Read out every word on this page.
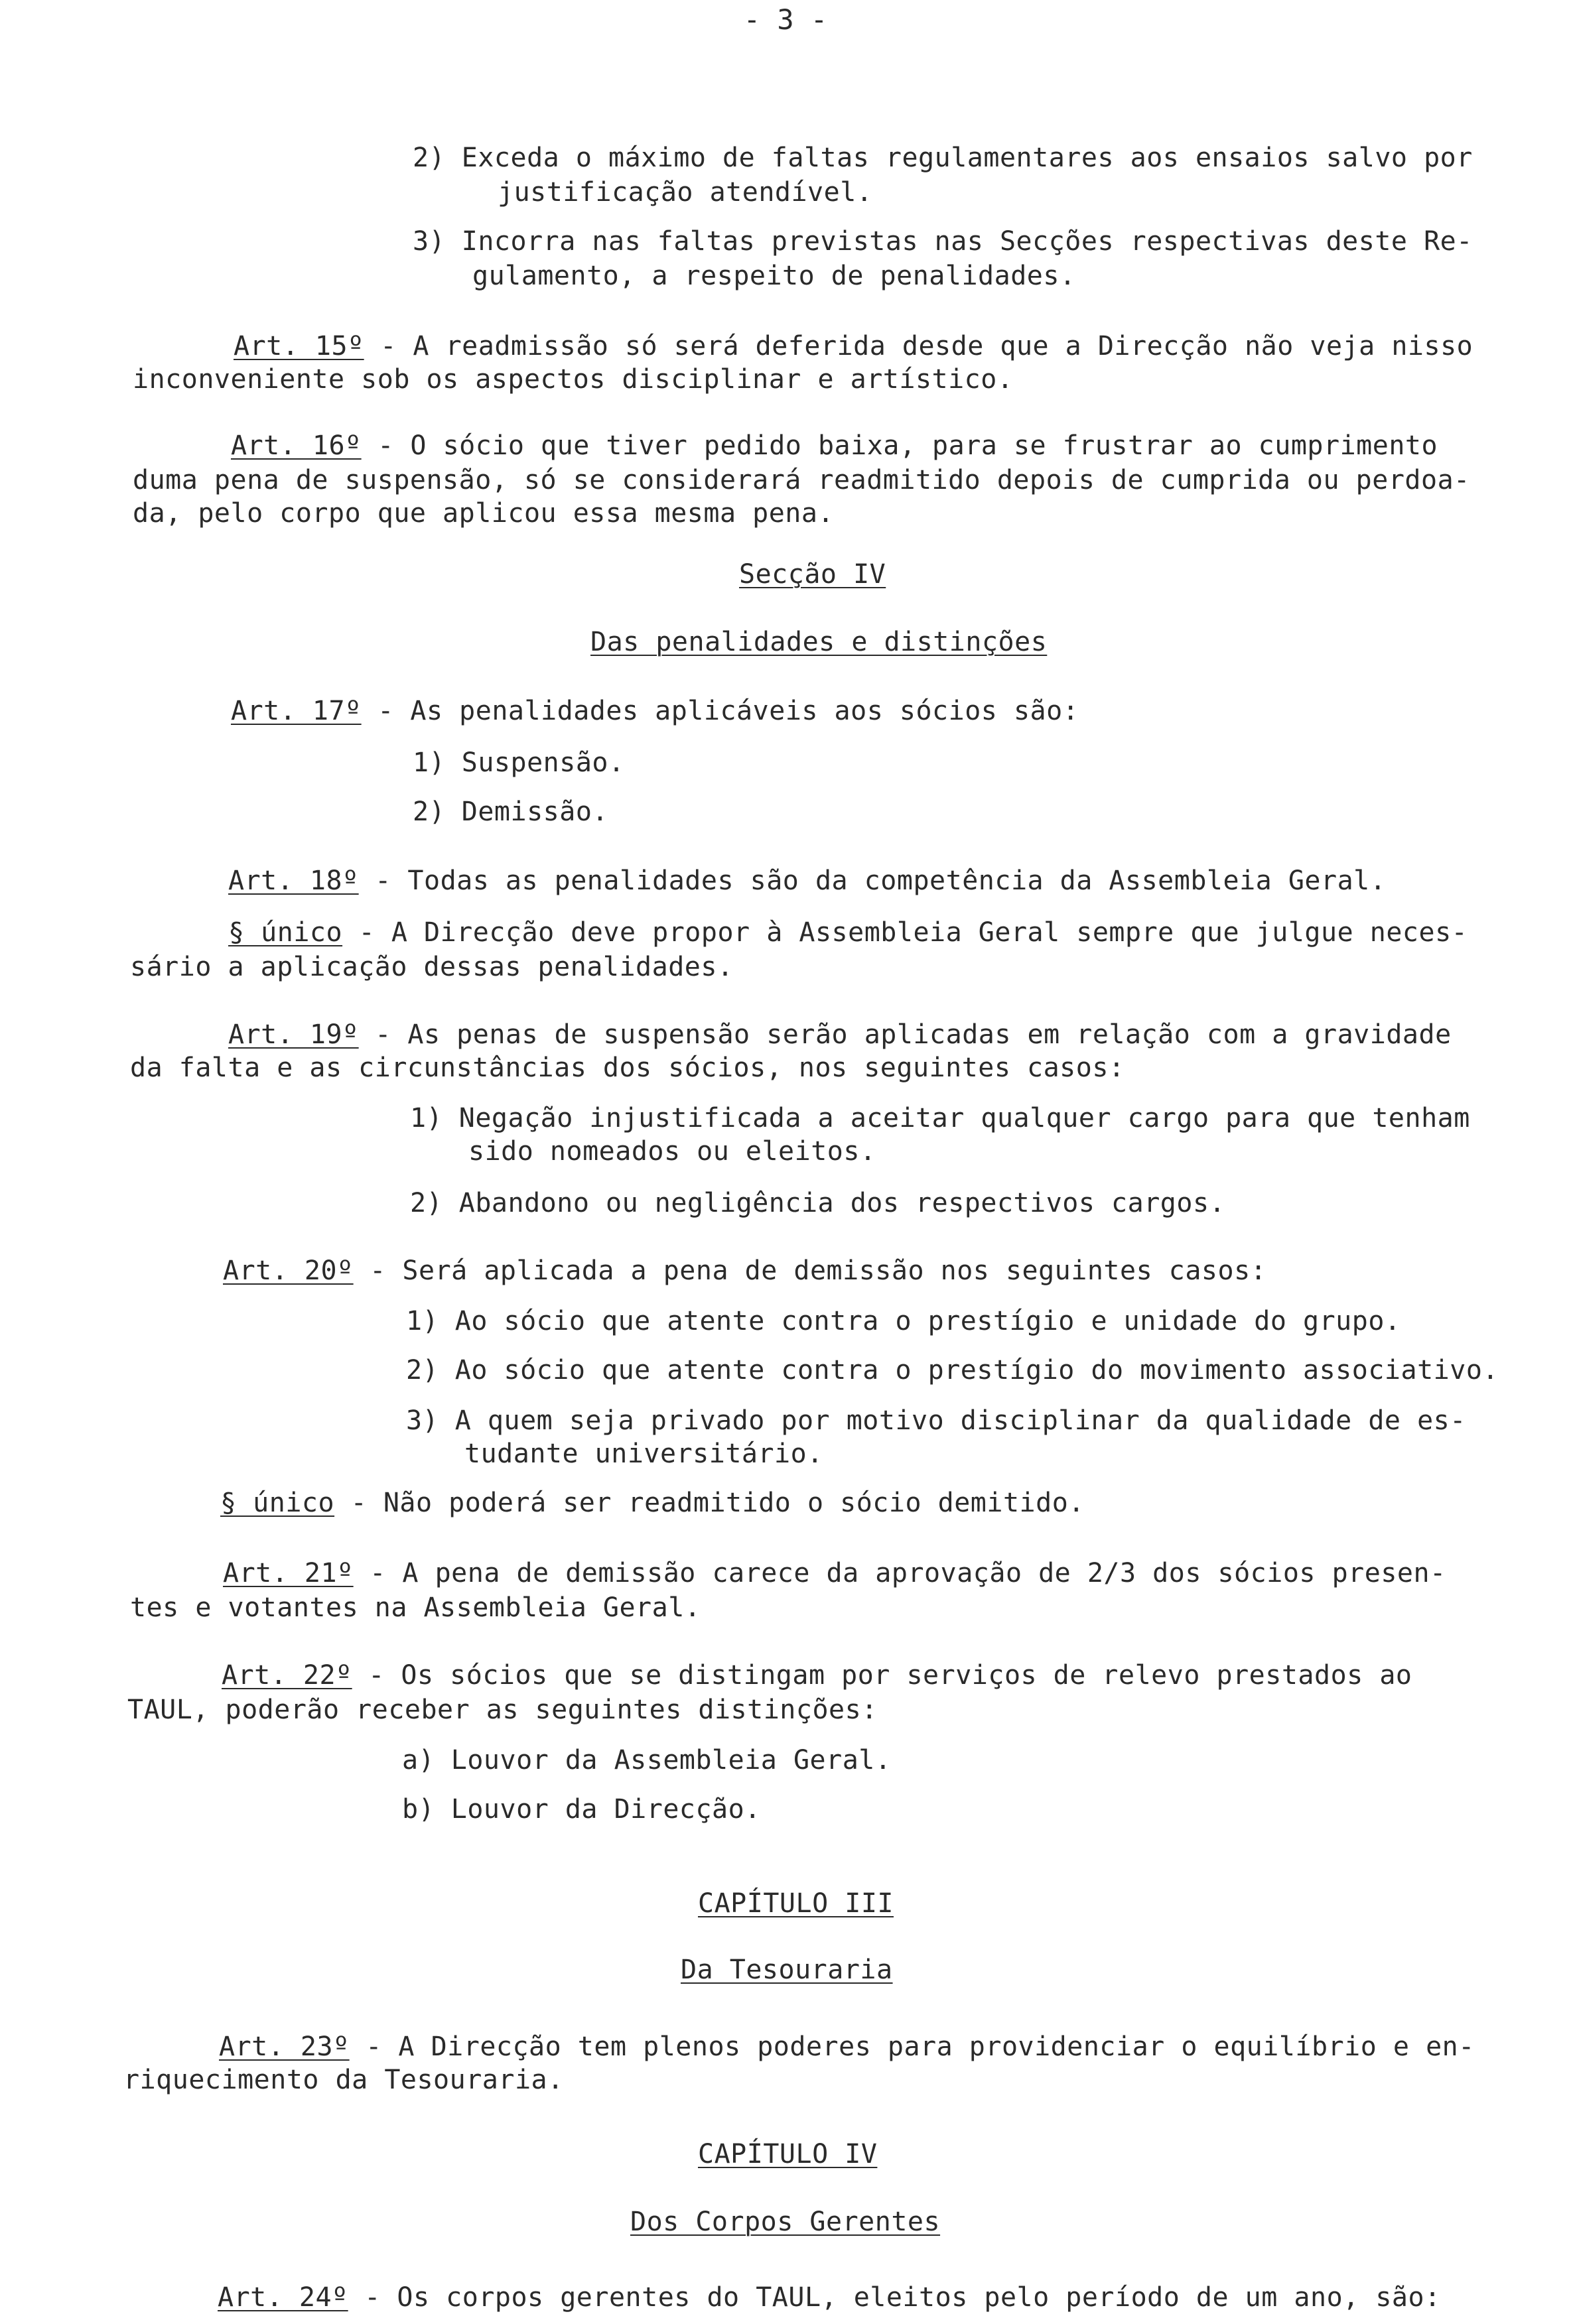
- 3 -
2) Exceda o máximo de faltas regulamentares aos ensaios salvo por
justificação atendível.
3) Incorra nas faltas previstas nas Secções respectivas deste Re-
gulamento, a respeito de penalidades.
Art. 15º - A readmissão só será deferida desde que a Direcção não veja nisso
inconveniente sob os aspectos disciplinar e artístico.
Art. 16º - O sócio que tiver pedido baixa, para se frustrar ao cumprimento
duma pena de suspensão, só se considerará readmitido depois de cumprida ou perdoa-
da, pelo corpo que aplicou essa mesma pena.
Secção IV
Das penalidades e distinções
Art. 17º - As penalidades aplicáveis aos sócios são:
1) Suspensão.
2) Demissão.
Art. 18º - Todas as penalidades são da competência da Assembleia Geral.
§ único - A Direcção deve propor à Assembleia Geral sempre que julgue neces-
sário a aplicação dessas penalidades.
Art. 19º - As penas de suspensão serão aplicadas em relação com a gravidade
da falta e as circunstâncias dos sócios, nos seguintes casos:
1) Negação injustificada a aceitar qualquer cargo para que tenham
sido nomeados ou eleitos.
2) Abandono ou negligência dos respectivos cargos.
Art. 20º - Será aplicada a pena de demissão nos seguintes casos:
1) Ao sócio que atente contra o prestígio e unidade do grupo.
2) Ao sócio que atente contra o prestígio do movimento associativo.
3) A quem seja privado por motivo disciplinar da qualidade de es-
tudante universitário.
§ único - Não poderá ser readmitido o sócio demitido.
Art. 21º - A pena de demissão carece da aprovação de 2/3 dos sócios presen-
tes e votantes na Assembleia Geral.
Art. 22º - Os sócios que se distingam por serviços de relevo prestados ao
TAUL, poderão receber as seguintes distinções:
a) Louvor da Assembleia Geral.
b) Louvor da Direcção.
CAPÍTULO III
Da Tesouraria
Art. 23º - A Direcção tem plenos poderes para providenciar o equilíbrio e en-
riquecimento da Tesouraria.
CAPÍTULO IV
Dos Corpos Gerentes
Art. 24º - Os corpos gerentes do TAUL, eleitos pelo período de um ano, são:
